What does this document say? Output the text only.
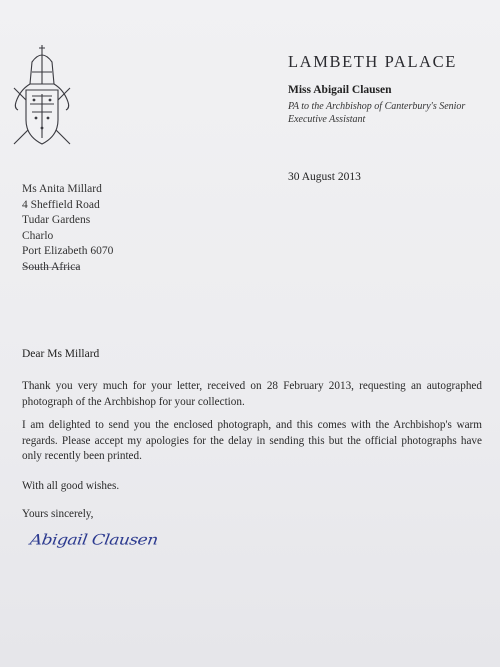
LAMBETH PALACE
Miss Abigail Clausen
PA to the Archbishop of Canterbury's Senior
Executive Assistant
30 August 2013
Ms Anita Millard
4 Sheffield Road
Tudar Gardens
Charlo
Port Elizabeth 6070
South Africa
Dear Ms Millard
Thank you very much for your letter, received on 28 February 2013, requesting an autographed photograph of the Archbishop for your collection.
I am delighted to send you the enclosed photograph, and this comes with the Archbishop's warm regards. Please accept my apologies for the delay in sending this but the official photographs have only recently been printed.
With all good wishes.
Yours sincerely,
Abigail Clausen
